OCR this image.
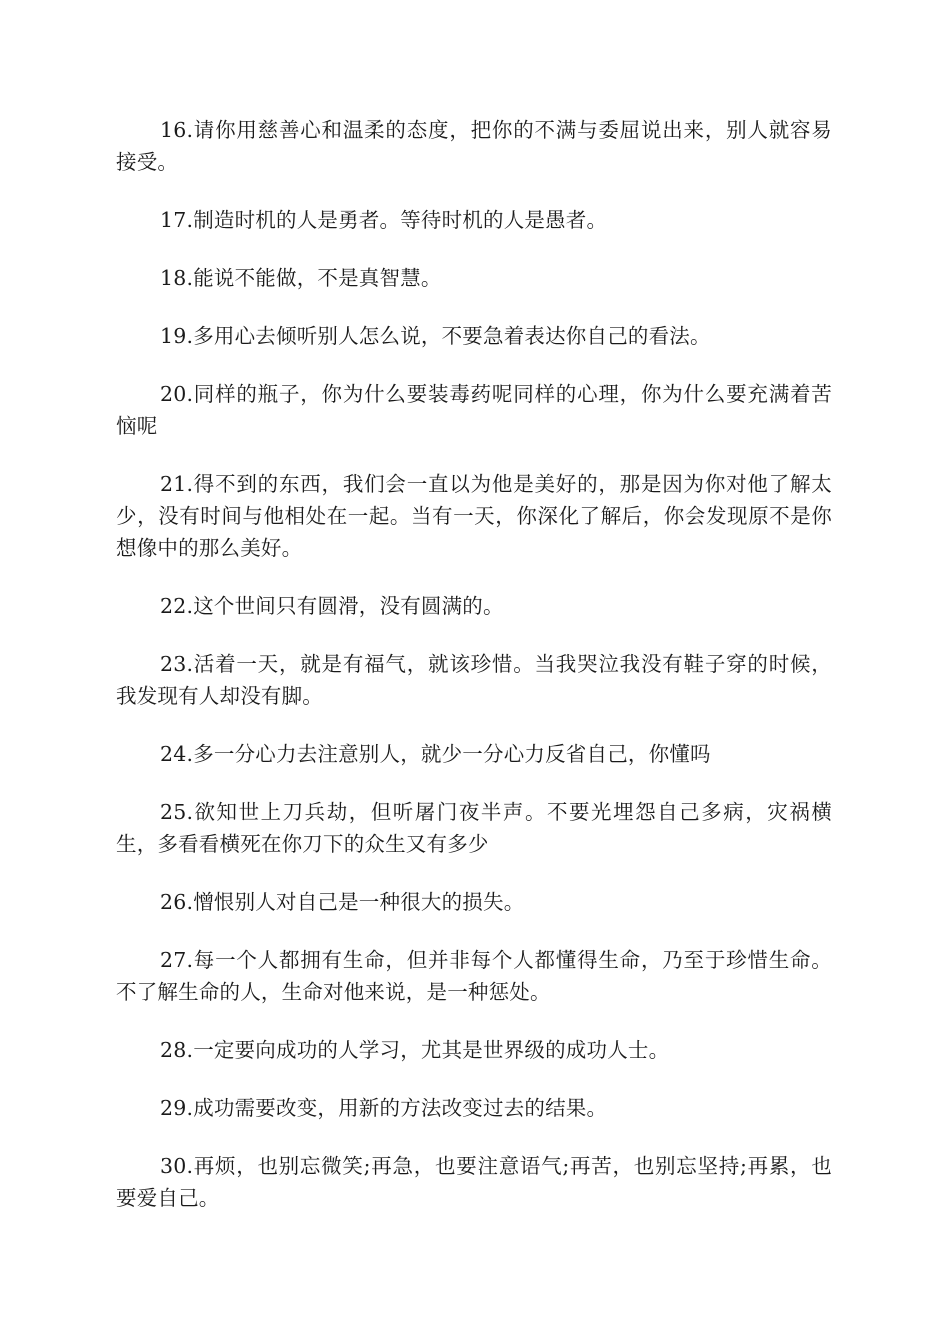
16.请你用慈善心和温柔的态度，把你的不满与委屈说出来，别人就容易接受。

17.制造时机的人是勇者。等待时机的人是愚者。

18.能说不能做，不是真智慧。

19.多用心去倾听别人怎么说，不要急着表达你自己的看法。

20.同样的瓶子，你为什么要装毒药呢同样的心理，你为什么要充满着苦恼呢

21.得不到的东西，我们会一直以为他是美好的，那是因为你对他了解太少，没有时间与他相处在一起。当有一天，你深化了解后，你会发现原不是你想像中的那么美好。

22.这个世间只有圆滑，没有圆满的。

23.活着一天，就是有福气，就该珍惜。当我哭泣我没有鞋子穿的时候，我发现有人却没有脚。

24.多一分心力去注意别人，就少一分心力反省自己，你懂吗

25.欲知世上刀兵劫，但听屠门夜半声。不要光埋怨自己多病，灾祸横生，多看看横死在你刀下的众生又有多少

26.憎恨别人对自己是一种很大的损失。

27.每一个人都拥有生命，但并非每个人都懂得生命，乃至于珍惜生命。不了解生命的人，生命对他来说，是一种惩处。

28.一定要向成功的人学习，尤其是世界级的成功人士。

29.成功需要改变，用新的方法改变过去的结果。

30.再烦，也别忘微笑;再急，也要注意语气;再苦，也别忘坚持;再累，也要爱自己。
